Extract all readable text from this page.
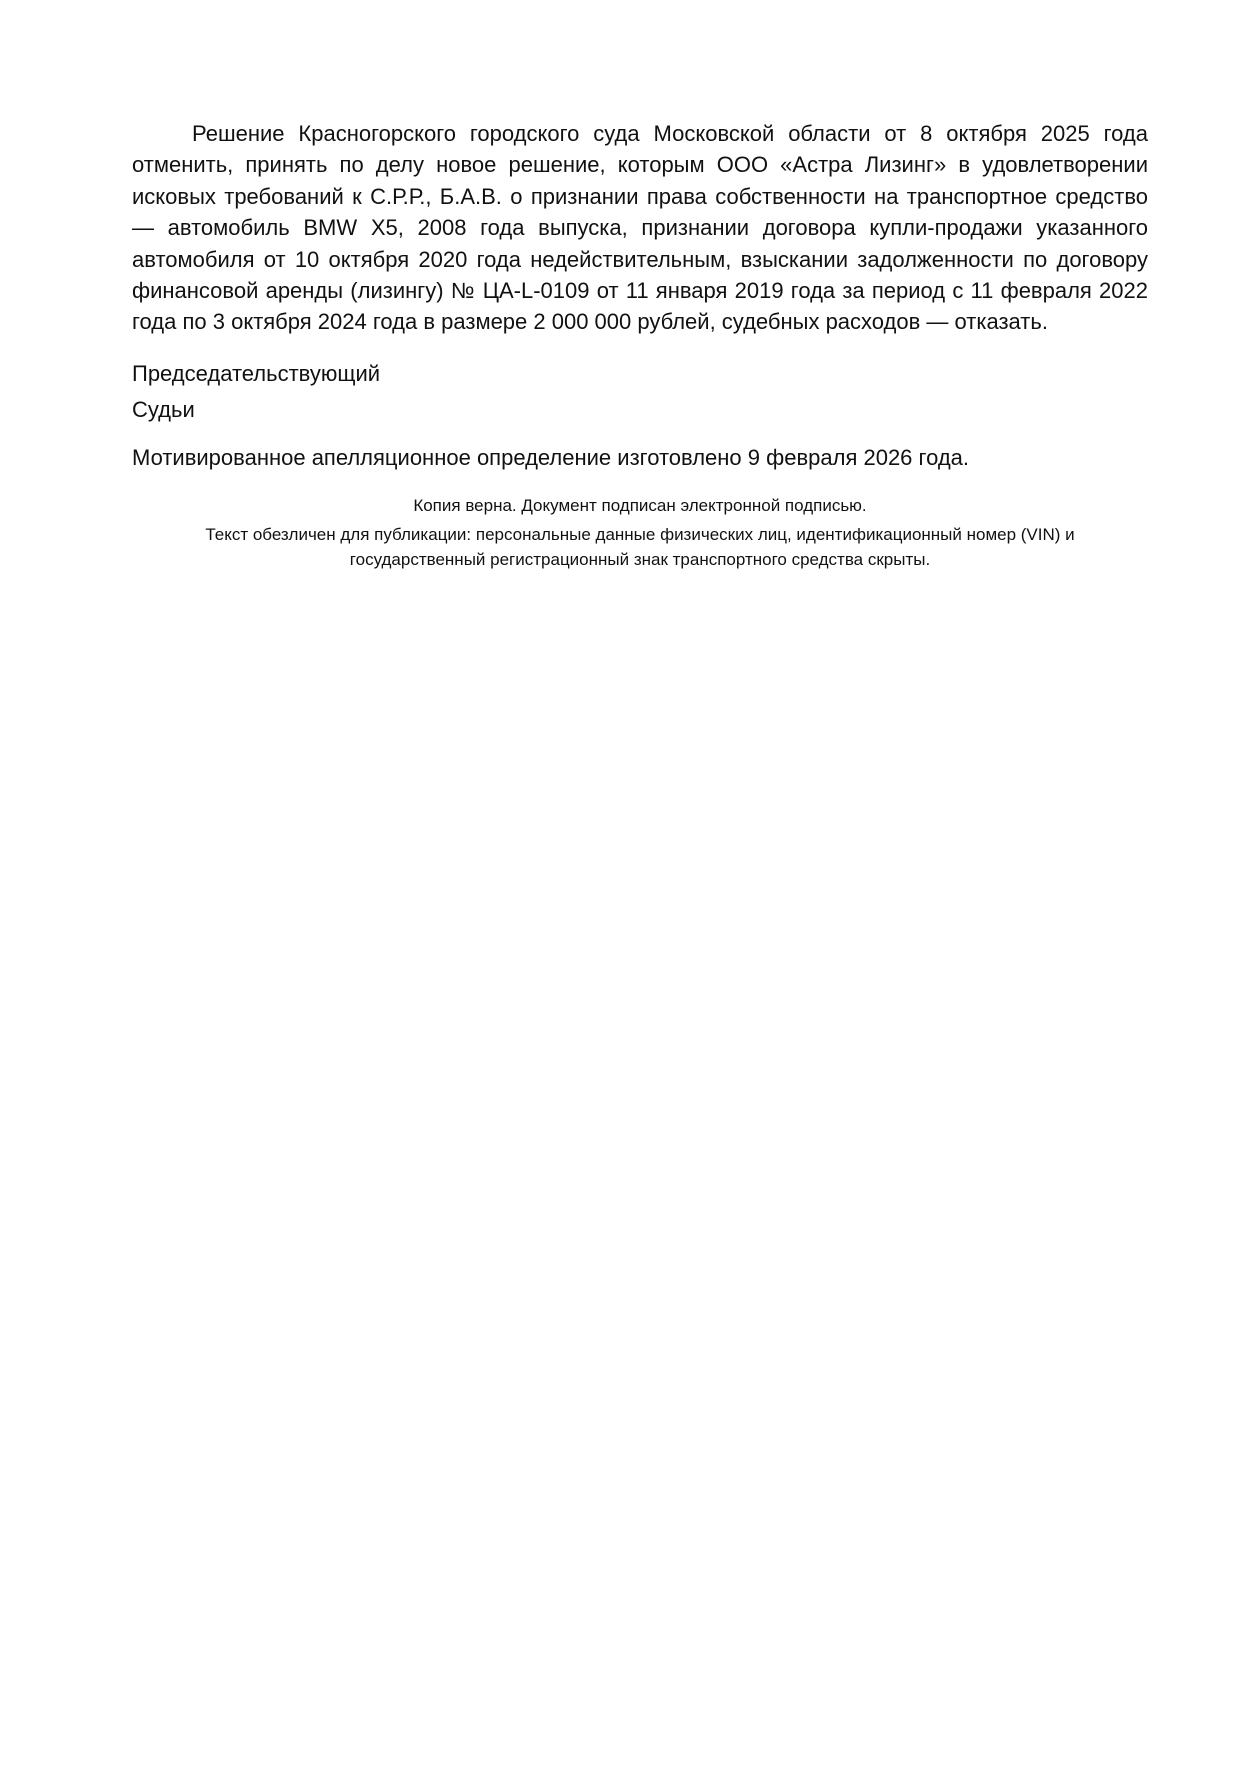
Решение Красногорского городского суда Московской области от 8 октября 2025 года отменить, принять по делу новое решение, которым ООО «Астра Лизинг» в удовлетворении исковых требований к С.Р.Р., Б.А.В. о признании права собственности на транспортное средство — автомобиль BMW X5, 2008 года выпуска, признании договора купли-продажи указанного автомобиля от 10 октября 2020 года недействительным, взыскании задолженности по договору финансовой аренды (лизингу) № ЦА-L-0109 от 11 января 2019 года за период с 11 февраля 2022 года по 3 октября 2024 года в размере 2 000 000 рублей, судебных расходов — отказать.

Председательствующий
Судьи
Мотивированное апелляционное определение изготовлено 9 февраля 2026 года.
Копия верна. Документ подписан электронной подписью.
Текст обезличен для публикации: персональные данные физических лиц, идентификационный номер (VIN) и государственный регистрационный знак транспортного средства скрыты.
